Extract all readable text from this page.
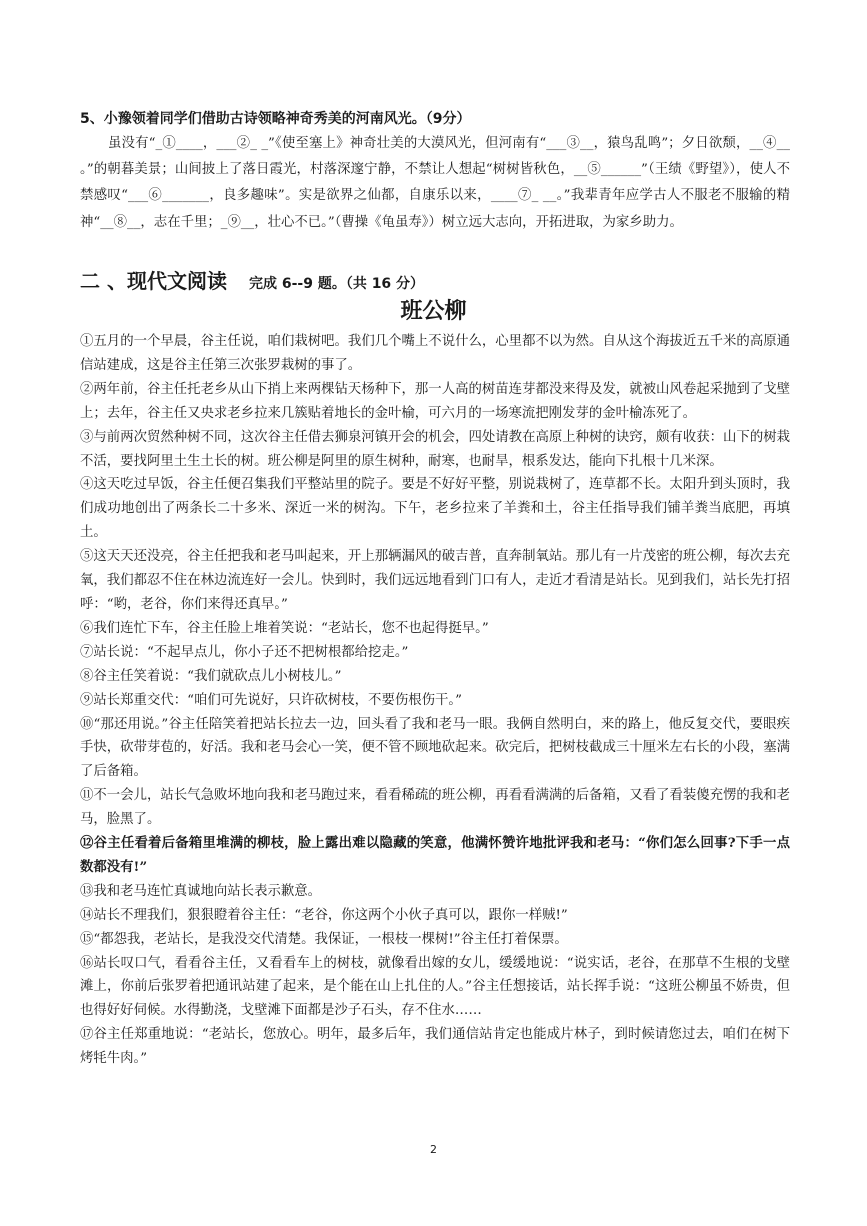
5、小豫领着同学们借助古诗领略神奇秀美的河南风光。（9分）
虽没有“_①____，___②_ _”《使至塞上》神奇壮美的大漠风光，但河南有“___③__，猿鸟乱鸣”；夕日欲颓，__④__ 。”的朝暮美景；山间披上了落日霞光，村落深邃宁静，不禁让人想起“树树皆秋色，__⑤______”（王绩《野望》），使人不禁感叹“___⑥_______，良多趣味”。实是欲界之仙都，自康乐以来，____⑦_ __。”我辈青年应学古人不服老不服输的精神“__⑧__，志在千里；_⑨__，壮心不已。”（曹操《龟虽寿》）树立远大志向，开拓进取，为家乡助力。
二 、现代文阅读 完成 6--9 题。（共 16 分）
班公柳

①五月的一个早晨，谷主任说，咱们栽树吧。我们几个嘴上不说什么，心里都不以为然。自从这个海拔近五千米的高原通信站建成，这是谷主任第三次张罗栽树的事了。

②两年前，谷主任托老乡从山下捎上来两棵钻天杨种下，那一人高的树苗连芽都没来得及发，就被山风卷起采抛到了戈壁上；去年，谷主任又央求老乡拉来几簇贴着地长的金叶榆，可六月的一场寒流把刚发芽的金叶榆冻死了。

③与前两次贸然种树不同，这次谷主任借去狮泉河镇开会的机会，四处请教在高原上种树的诀窍，颇有收获：山下的树栽不活，要找阿里土生土长的树。班公柳是阿里的原生树种，耐寒，也耐旱，根系发达，能向下扎根十几米深。

④这天吃过早饭，谷主任便召集我们平整站里的院子。要是不好好平整，别说栽树了，连草都不长。太阳升到头顶时，我们成功地创出了两条长二十多米、深近一米的树沟。下午，老乡拉来了羊粪和土，谷主任指导我们铺羊粪当底肥，再填土。

⑤这天天还没亮，谷主任把我和老马叫起来，开上那辆漏风的破吉普，直奔制氧站。那儿有一片茂密的班公柳，每次去充氧，我们都忍不住在林边流连好一会儿。快到时，我们远远地看到门口有人，走近才看清是站长。见到我们，站长先打招呼：“哟，老谷，你们来得还真早。”

⑥我们连忙下车，谷主任脸上堆着笑说：“老站长，您不也起得挺早。”

⑦站长说：“不起早点儿，你小子还不把树根都给挖走。”

⑧谷主任笑着说：“我们就砍点儿小树枝儿。”

⑨站长郑重交代：“咱们可先说好，只许砍树枝，不要伤根伤干。”

⑩“那还用说。”谷主任陪笑着把站长拉去一边，回头看了我和老马一眼。我俩自然明白，来的路上，他反复交代，要眼疾手快，砍带芽苞的，好活。我和老马会心一笑，便不管不顾地砍起来。砍完后，把树枝截成三十厘米左右长的小段，塞满了后备箱。

⑪不一会儿，站长气急败坏地向我和老马跑过来，看看稀疏的班公柳，再看看满满的后备箱，又看了看装傻充愣的我和老马，脸黑了。

⑫谷主任看着后备箱里堆满的柳枝，脸上露出难以隐藏的笑意，他满怀赞许地批评我和老马：“你们怎么回事?下手一点数都没有!”

⑬我和老马连忙真诚地向站长表示歉意。

⑭站长不理我们，狠狠瞪着谷主任：“老谷，你这两个小伙子真可以，跟你一样贼!”

⑮“都怨我，老站长，是我没交代清楚。我保证，一根枝一棵树!”谷主任打着保票。

⑯站长叹口气，看看谷主任，又看看车上的树枝，就像看出嫁的女儿，缓缓地说：“说实话，老谷，在那草不生根的戈壁滩上，你前后张罗着把通讯站建了起来，是个能在山上扎住的人。”谷主任想接话，站长挥手说：“这班公柳虽不娇贵，但也得好好伺候。水得勤浇，戈壁滩下面都是沙子石头，存不住水……

⑰谷主任郑重地说：“老站长，您放心。明年，最多后年，我们通信站肯定也能成片林子，到时候请您过去，咱们在树下烤牦牛肉。”

2
